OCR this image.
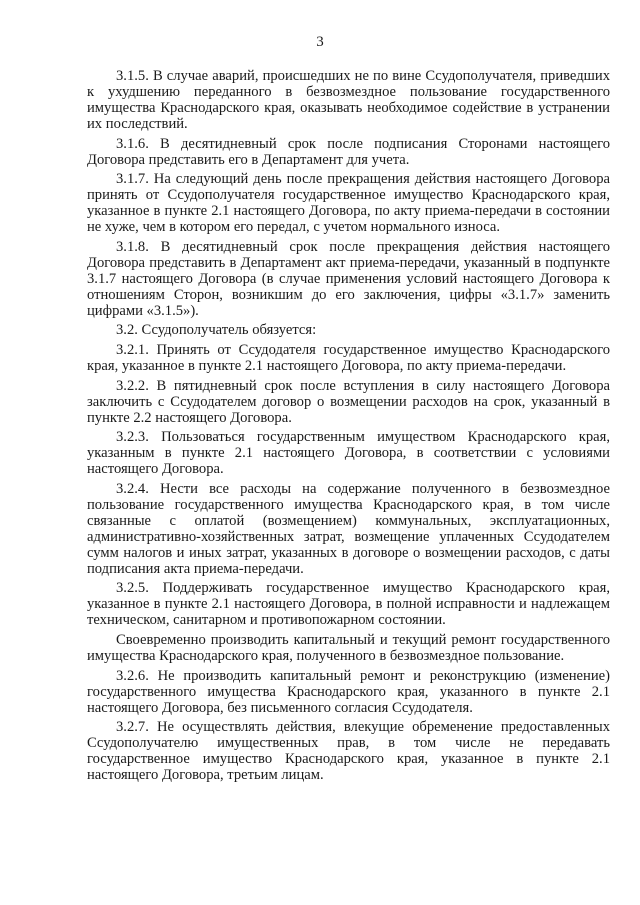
3

3.1.5. В случае аварий, происшедших не по вине Ссудополучателя, приведших к ухудшению переданного в безвозмездное пользование государственного имущества Краснодарского края, оказывать необходимое содействие в устранении их последствий.

3.1.6. В десятидневный срок после подписания Сторонами настоящего Договора представить его в Департамент для учета.

3.1.7. На следующий день после прекращения действия настоящего Договора принять от Ссудополучателя государственное имущество Краснодарского края, указанное в пункте 2.1 настоящего Договора, по акту приема-передачи в состоянии не хуже, чем в котором его передал, с учетом нормального износа.

3.1.8. В десятидневный срок после прекращения действия настоящего Договора представить в Департамент акт приема-передачи, указанный в подпункте 3.1.7 настоящего Договора (в случае применения условий настоящего Договора к отношениям Сторон, возникшим до его заключения, цифры «3.1.7» заменить цифрами «3.1.5»).

3.2. Ссудополучатель обязуется:

3.2.1. Принять от Ссудодателя государственное имущество Краснодарского края, указанное в пункте 2.1 настоящего Договора, по акту приема-передачи.

3.2.2. В пятидневный срок после вступления в силу настоящего Договора заключить с Ссудодателем договор о возмещении расходов на срок, указанный в пункте 2.2 настоящего Договора.

3.2.3. Пользоваться государственным имуществом Краснодарского края, указанным в пункте 2.1 настоящего Договора, в соответствии с условиями настоящего Договора.

3.2.4. Нести все расходы на содержание полученного в безвозмездное пользование государственного имущества Краснодарского края, в том числе связанные с оплатой (возмещением) коммунальных, эксплуатационных, административно-хозяйственных затрат, возмещение уплаченных Ссудодателем сумм налогов и иных затрат, указанных в договоре о возмещении расходов, с даты подписания акта приема-передачи.

3.2.5. Поддерживать государственное имущество Краснодарского края, указанное в пункте 2.1 настоящего Договора, в полной исправности и надлежащем техническом, санитарном и противопожарном состоянии.

Своевременно производить капитальный и текущий ремонт государственного имущества Краснодарского края, полученного в безвозмездное пользование.

3.2.6. Не производить капитальный ремонт и реконструкцию (изменение) государственного имущества Краснодарского края, указанного в пункте 2.1 настоящего Договора, без письменного согласия Ссудодателя.

3.2.7. Не осуществлять действия, влекущие обременение предоставленных Ссудополучателю имущественных прав, в том числе не передавать государственное имущество Краснодарского края, указанное в пункте 2.1 настоящего Договора, третьим лицам.
